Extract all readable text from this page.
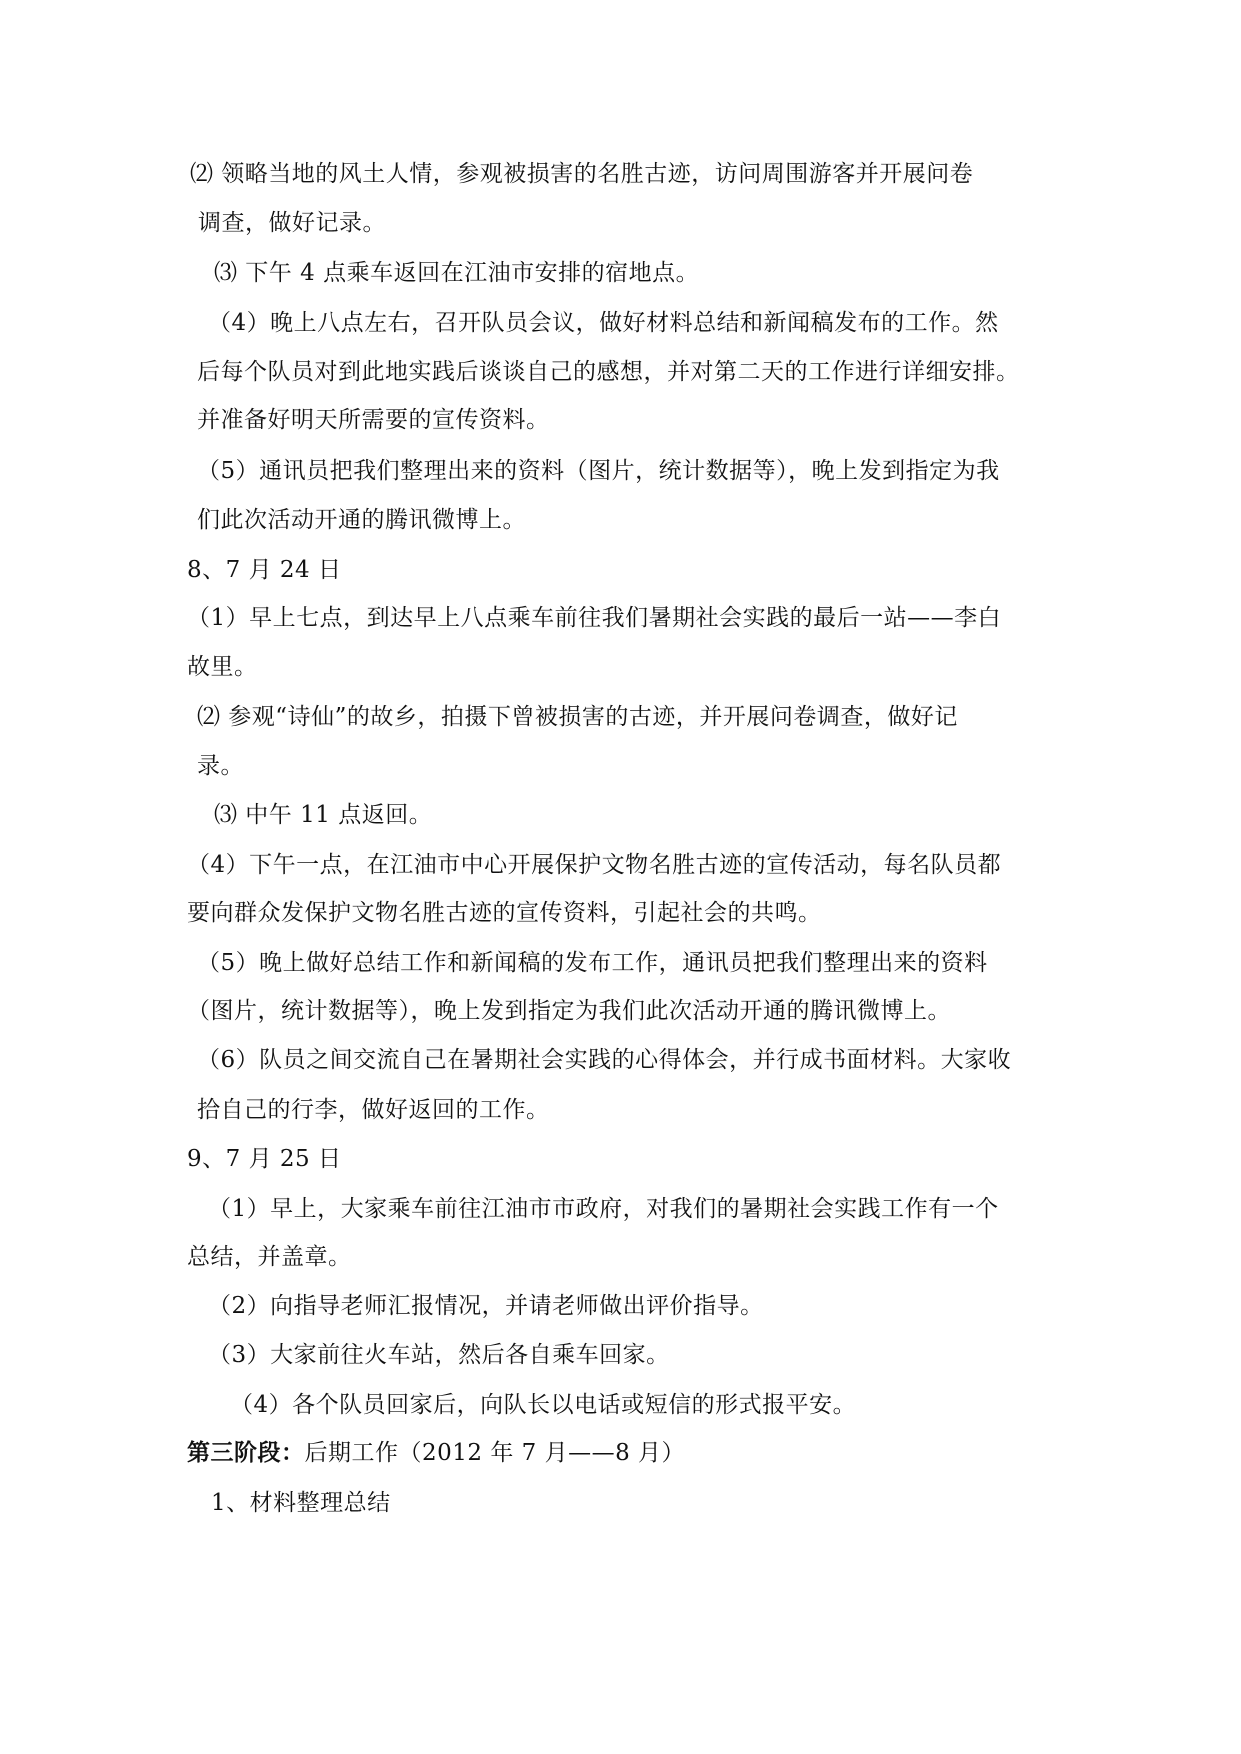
⑵ 领略当地的风土人情，参观被损害的名胜古迹，访问周围游客并开展问卷
调查，做好记录。
⑶ 下午 4 点乘车返回在江油市安排的宿地点。
（4）晚上八点左右，召开队员会议，做好材料总结和新闻稿发布的工作。然
后每个队员对到此地实践后谈谈自己的感想，并对第二天的工作进行详细安排。
并准备好明天所需要的宣传资料。
（5）通讯员把我们整理出来的资料（图片，统计数据等），晚上发到指定为我
们此次活动开通的腾讯微博上。
8、7 月 24 日
（1）早上七点，到达早上八点乘车前往我们暑期社会实践的最后一站——李白
故里。
⑵ 参观“诗仙”的故乡，拍摄下曾被损害的古迹，并开展问卷调查，做好记
录。
⑶ 中午 11 点返回。
（4）下午一点，在江油市中心开展保护文物名胜古迹的宣传活动，每名队员都
要向群众发保护文物名胜古迹的宣传资料，引起社会的共鸣。
（5）晚上做好总结工作和新闻稿的发布工作，通讯员把我们整理出来的资料
（图片，统计数据等），晚上发到指定为我们此次活动开通的腾讯微博上。
（6）队员之间交流自己在暑期社会实践的心得体会，并行成书面材料。大家收
拾自己的行李，做好返回的工作。
9、7 月 25 日
（1）早上，大家乘车前往江油市市政府，对我们的暑期社会实践工作有一个
总结，并盖章。
（2）向指导老师汇报情况，并请老师做出评价指导。
（3）大家前往火车站，然后各自乘车回家。
（4）各个队员回家后，向队长以电话或短信的形式报平安。
第三阶段：后期工作（2012 年 7 月——8 月）
1、材料整理总结
